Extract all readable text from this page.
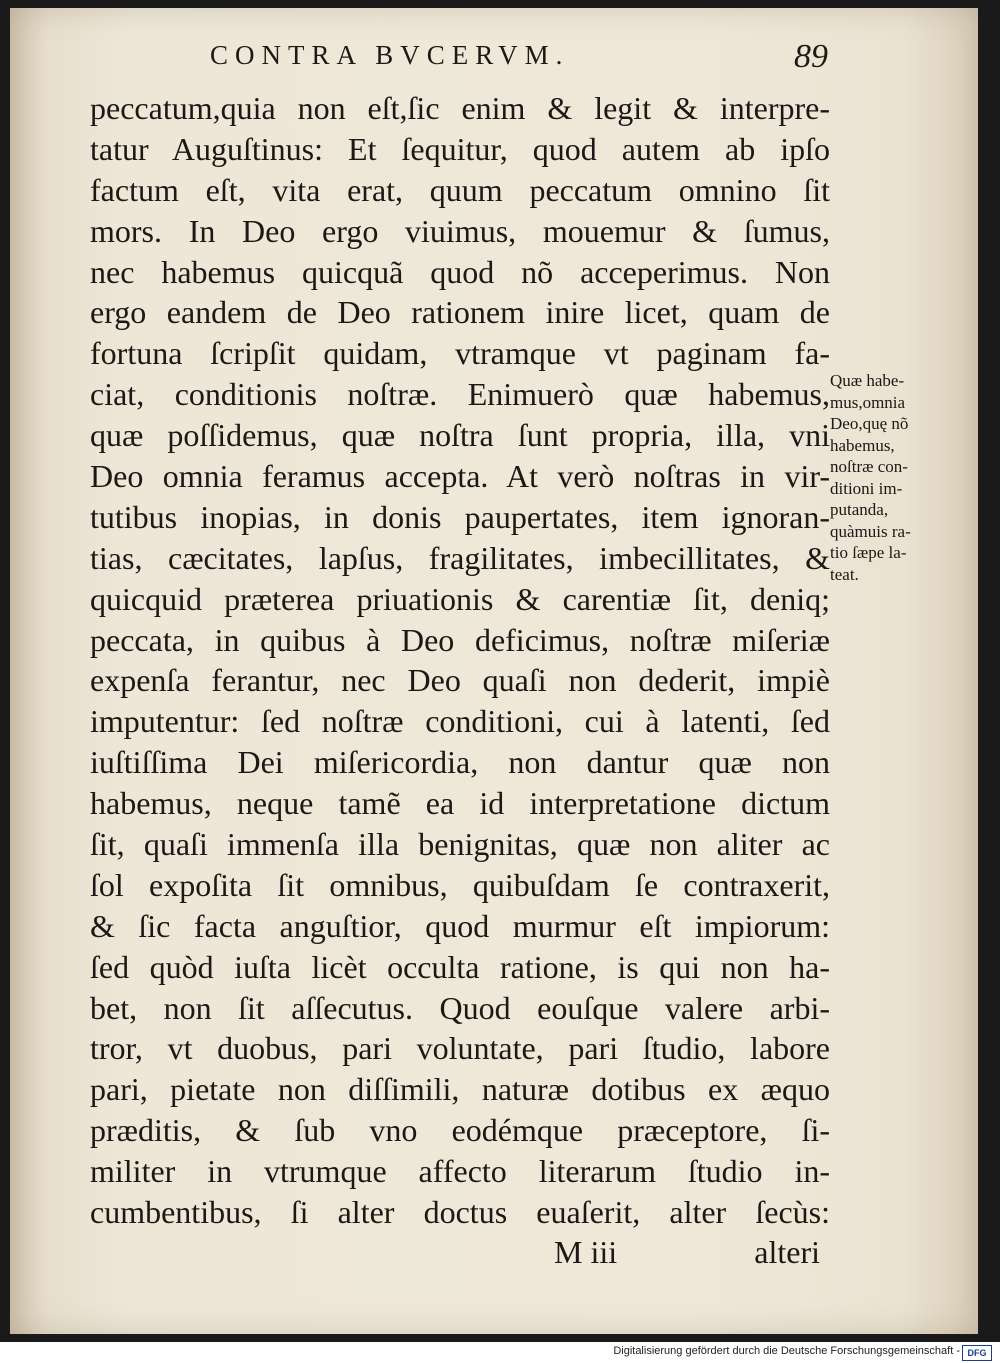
CONTRA BVCERVM.	89
peccatum,quia non eſt,ſic enim & legit & interpre-
tatur Auguſtinus: Et ſequitur, quod autem ab ipſo
factum eſt, vita erat, quum peccatum omnino ſit
mors. In Deo ergo viuimus, mouemur & ſumus,
nec habemus quicquã quod nõ acceperimus. Non
ergo eandem de Deo rationem inire licet, quam de
fortuna ſcripſit quidam, vtramque vt paginam fa-
ciat, conditionis noſtræ. Enimuerò quæ habemus,
quæ poſſidemus, quæ noſtra ſunt propria, illa, vni
Deo omnia feramus accepta. At verò noſtras in vir-
tutibus inopias, in donis paupertates, item ignoran-
tias, cæcitates, lapſus, fragilitates, imbecillitates, &
quicquid præterea priuationis & carentiæ ſit, deniq;
peccata, in quibus à Deo deficimus, noſtræ miſeriæ
expenſa ferantur, nec Deo quaſi non dederit, impiè
imputentur: ſed noſtræ conditioni, cui à latenti, ſed
iuſtiſſima Dei miſericordia, non dantur quæ non
habemus, neque tamẽ ea id interpretatione dictum
ſit, quaſi immenſa illa benignitas, quæ non aliter ac
ſol expoſita ſit omnibus, quibuſdam ſe contraxerit,
& ſic facta anguſtior, quod murmur eſt impiorum:
ſed quòd iuſta licèt occulta ratione, is qui non ha-
bet, non ſit aſſecutus. Quod eouſque valere arbi-
tror, vt duobus, pari voluntate, pari ſtudio, labore
pari, pietate non diſſimili, naturæ dotibus ex æquo
præditis, & ſub vno eodémque præceptore, ſi-
militer in vtrumque affecto literarum ſtudio in-
cumbentibus, ſi alter doctus euaſerit, alter ſecùs:
Quæ habe-
mus,omnia
Deo,quę nõ
habemus,
noſtræ con-
ditioni im-
putanda,
quàmuis ra-
tio ſæpe la-
teat.
M iii	alteri
Digitalisierung gefördert durch die Deutsche Forschungsgemeinschaft - DFG
